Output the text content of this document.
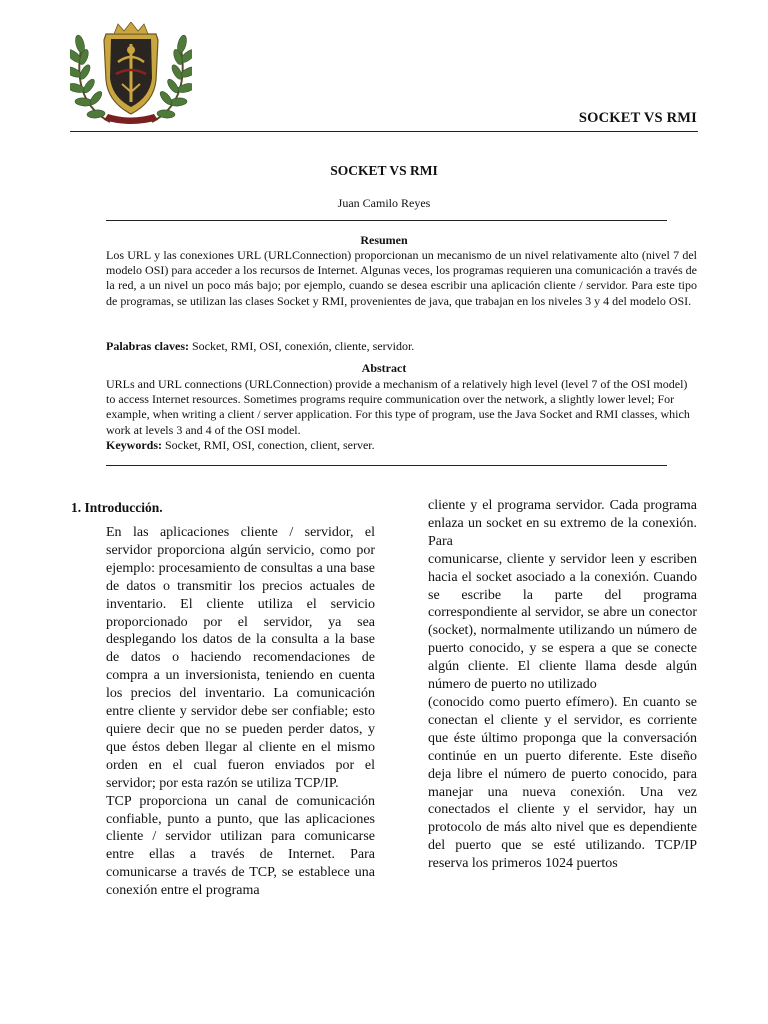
SOCKET VS RMI
SOCKET VS RMI
Juan Camilo Reyes
Resumen

Los URL y las conexiones URL (URLConnection) proporcionan un mecanismo de un nivel relativamente alto (nivel 7 del modelo OSI) para acceder a los recursos de Internet. Algunas veces, los programas requieren una comunicación a través de la red, a un nivel un poco más bajo; por ejemplo, cuando se desea escribir una aplicación cliente / servidor. Para este tipo de programas, se utilizan las clases Socket y RMI, provenientes de java, que trabajan en los niveles 3 y 4 del modelo OSI.

Palabras claves: Socket, RMI, OSI, conexión, cliente, servidor.

Abstract

URLs and URL connections (URLConnection) provide a mechanism of a relatively high level (level 7 of the OSI model) to access Internet resources. Sometimes programs require communication over the network, a slightly lower level; For example, when writing a client / server application. For this type of program, use the Java Socket and RMI classes, which work at levels 3 and 4 of the OSI model.

Keywords: Socket, RMI, OSI, conection, client, server.

1. Introducción.

En las aplicaciones cliente / servidor, el servidor proporciona algún servicio, como por ejemplo: procesamiento de consultas a una base de datos o transmitir los precios actuales de inventario. El cliente utiliza el servicio proporcionado por el servidor, ya sea desplegando los datos de la consulta a la base de datos o haciendo recomendaciones de compra a un inversionista, teniendo en cuenta los precios del inventario. La comunicación entre cliente y servidor debe ser confiable; esto quiere decir que no se pueden perder datos, y que éstos deben llegar al cliente en el mismo orden en el cual fueron enviados por el servidor; por esta razón se utiliza TCP/IP.

TCP proporciona un canal de comunicación confiable, punto a punto, que las aplicaciones cliente / servidor utilizan para comunicarse entre ellas a través de Internet. Para comunicarse a través de TCP, se establece una conexión entre el programa

cliente y el programa servidor. Cada programa enlaza un socket en su extremo de la conexión. Para

comunicarse, cliente y servidor leen y escriben hacia el socket asociado a la conexión. Cuando se escribe la parte del programa correspondiente al servidor, se abre un conector (socket), normalmente utilizando un número de puerto conocido, y se espera a que se conecte algún cliente. El cliente llama desde algún número de puerto no utilizado

(conocido como puerto efímero). En cuanto se conectan el cliente y el servidor, es corriente que éste último proponga que la conversación continúe en un puerto diferente. Este diseño deja libre el número de puerto conocido, para manejar una nueva conexión. Una vez conectados el cliente y el servidor, hay un protocolo de más alto nivel que es dependiente del puerto que se esté utilizando. TCP/IP reserva los primeros 1024 puertos
